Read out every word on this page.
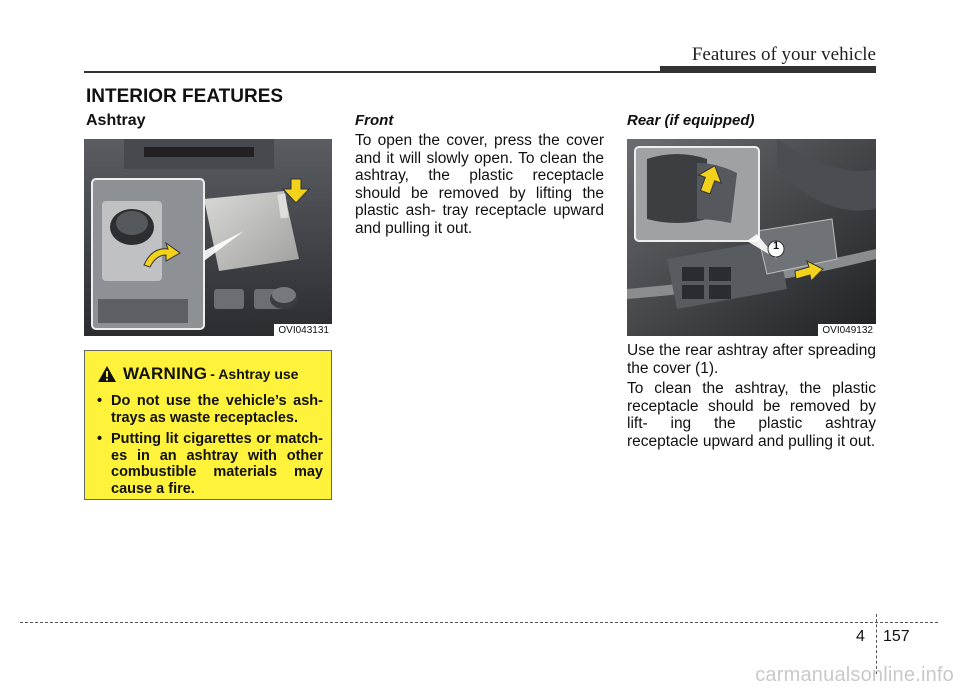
Features of your vehicle
INTERIOR FEATURES
Ashtray
OVI043131
WARNING - Ashtray use
• Do not use the vehicle’s ash- trays as waste receptacles.
• Putting lit cigarettes or match- es in an ashtray with other combustible materials may cause a fire.
Front
To open the cover, press the cover and it will slowly open. To clean the ashtray, the plastic receptacle should be removed by lifting the plastic ash- tray receptacle upward and pulling it out.
Rear (if equipped)
1
OVI049132
Use the rear ashtray after spreading the cover (1).
To clean the ashtray, the plastic receptacle should be removed by lift- ing the plastic ashtray receptacle upward and pulling it out.
4 157
carmanualsonline.info
